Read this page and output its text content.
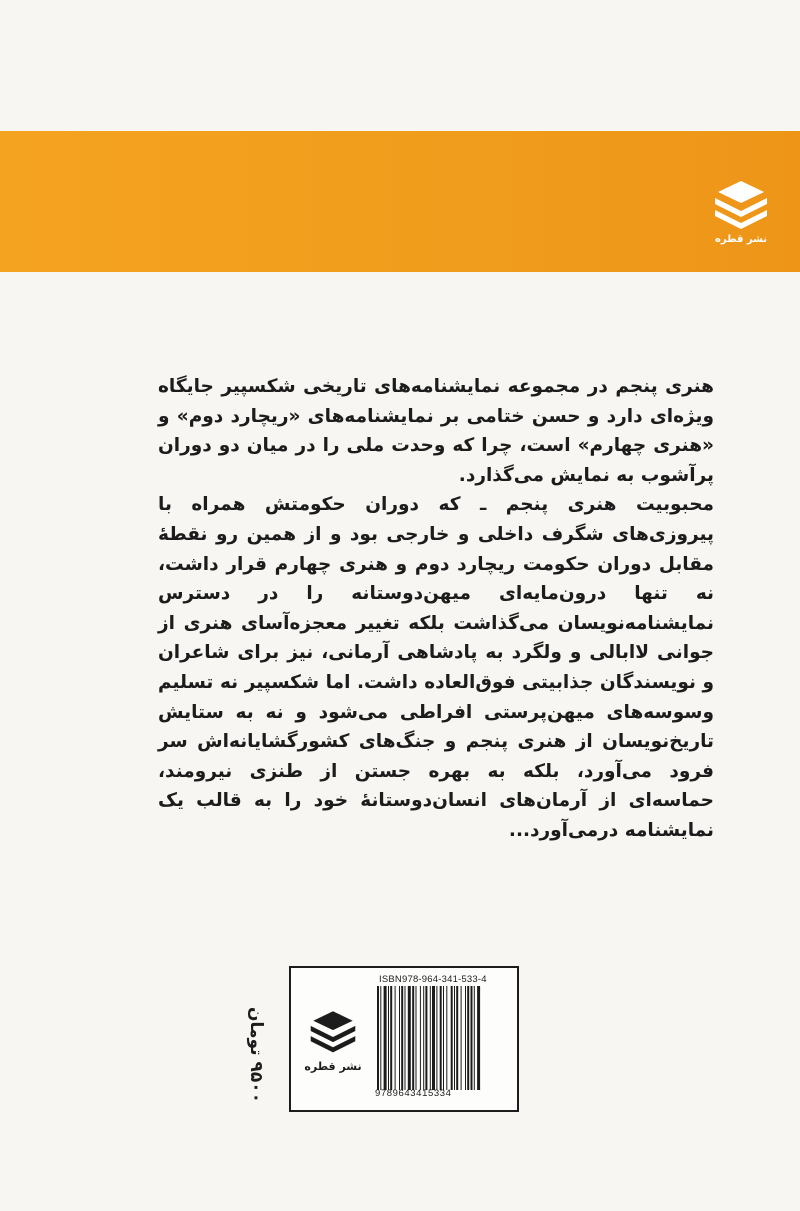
نشر قطره

هنری پنجم در مجموعه نمایشنامه‌های تاریخی شکسپیر جایگاه ویژه‌ای دارد و حسن ختامی بر نمایشنامه‌های «ریچارد دوم» و «هنری چهارم» است، چرا که وحدت ملی را در میان دو دوران پرآشوب به نمایش می‌گذارد.

محبوبیت هنری پنجم ـ که دوران حکومتش همراه با پیروزی‌های شگرف داخلی و خارجی بود و از همین رو نقطهٔ مقابل دوران حکومت ریچارد دوم و هنری چهارم قرار داشت، نه تنها درون‌مایه‌ای میهن‌دوستانه را در دسترس نمایشنامه‌نویسان می‌گذاشت بلکه تغییر معجزه‌آسای هنری از جوانی لاابالی و ولگرد به پادشاهی آرمانی، نیز برای شاعران و نویسندگان جذابیتی فوق‌العاده داشت. اما شکسپیر نه تسلیم وسوسه‌های میهن‌پرستی افراطی می‌شود و نه به ستایش تاریخ‌نویسان از هنری پنجم و جنگ‌های کشورگشایانه‌اش سر فرود می‌آورد، بلکه به بهره جستن از طنزی نیرومند، حماسه‌ای از آرمان‌های انسان‌دوستانهٔ خود را به قالب یک نمایشنامه درمی‌آورد...

۹۵۰۰ تومان	نشر قطره
ISBN978-964-341-533-4
9789643415334
